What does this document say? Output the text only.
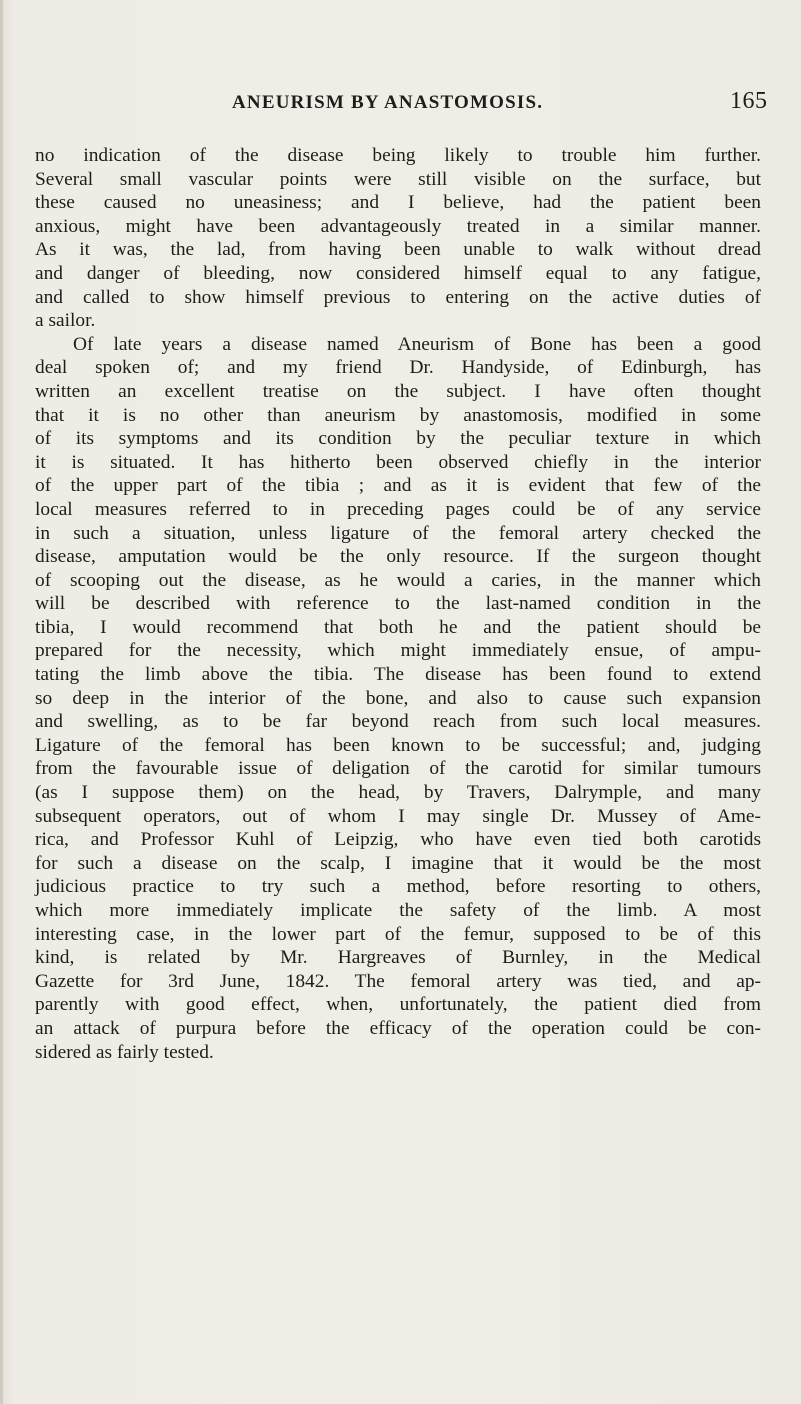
ANEURISM BY ANASTOMOSIS.	165
no indication of the disease being likely to trouble him further.
Several small vascular points were still visible on the surface, but
these caused no uneasiness; and I believe, had the patient been
anxious, might have been advantageously treated in a similar manner.
As it was, the lad, from having been unable to walk without dread
and danger of bleeding, now considered himself equal to any fatigue,
and called to show himself previous to entering on the active duties of
a sailor.
Of late years a disease named Aneurism of Bone has been a good
deal spoken of; and my friend Dr. Handyside, of Edinburgh, has
written an excellent treatise on the subject. I have often thought
that it is no other than aneurism by anastomosis, modified in some
of its symptoms and its condition by the peculiar texture in which
it is situated. It has hitherto been observed chiefly in the interior
of the upper part of the tibia ; and as it is evident that few of the
local measures referred to in preceding pages could be of any service
in such a situation, unless ligature of the femoral artery checked the
disease, amputation would be the only resource. If the surgeon thought
of scooping out the disease, as he would a caries, in the manner which
will be described with reference to the last-named condition in the
tibia, I would recommend that both he and the patient should be
prepared for the necessity, which might immediately ensue, of ampu-
tating the limb above the tibia. The disease has been found to extend
so deep in the interior of the bone, and also to cause such expansion
and swelling, as to be far beyond reach from such local measures.
Ligature of the femoral has been known to be successful; and, judging
from the favourable issue of deligation of the carotid for similar tumours
(as I suppose them) on the head, by Travers, Dalrymple, and many
subsequent operators, out of whom I may single Dr. Mussey of Ame-
rica, and Professor Kuhl of Leipzig, who have even tied both carotids
for such a disease on the scalp, I imagine that it would be the most
judicious practice to try such a method, before resorting to others,
which more immediately implicate the safety of the limb. A most
interesting case, in the lower part of the femur, supposed to be of this
kind, is related by Mr. Hargreaves of Burnley, in the Medical
Gazette for 3rd June, 1842. The femoral artery was tied, and ap-
parently with good effect, when, unfortunately, the patient died from
an attack of purpura before the efficacy of the operation could be con-
sidered as fairly tested.
